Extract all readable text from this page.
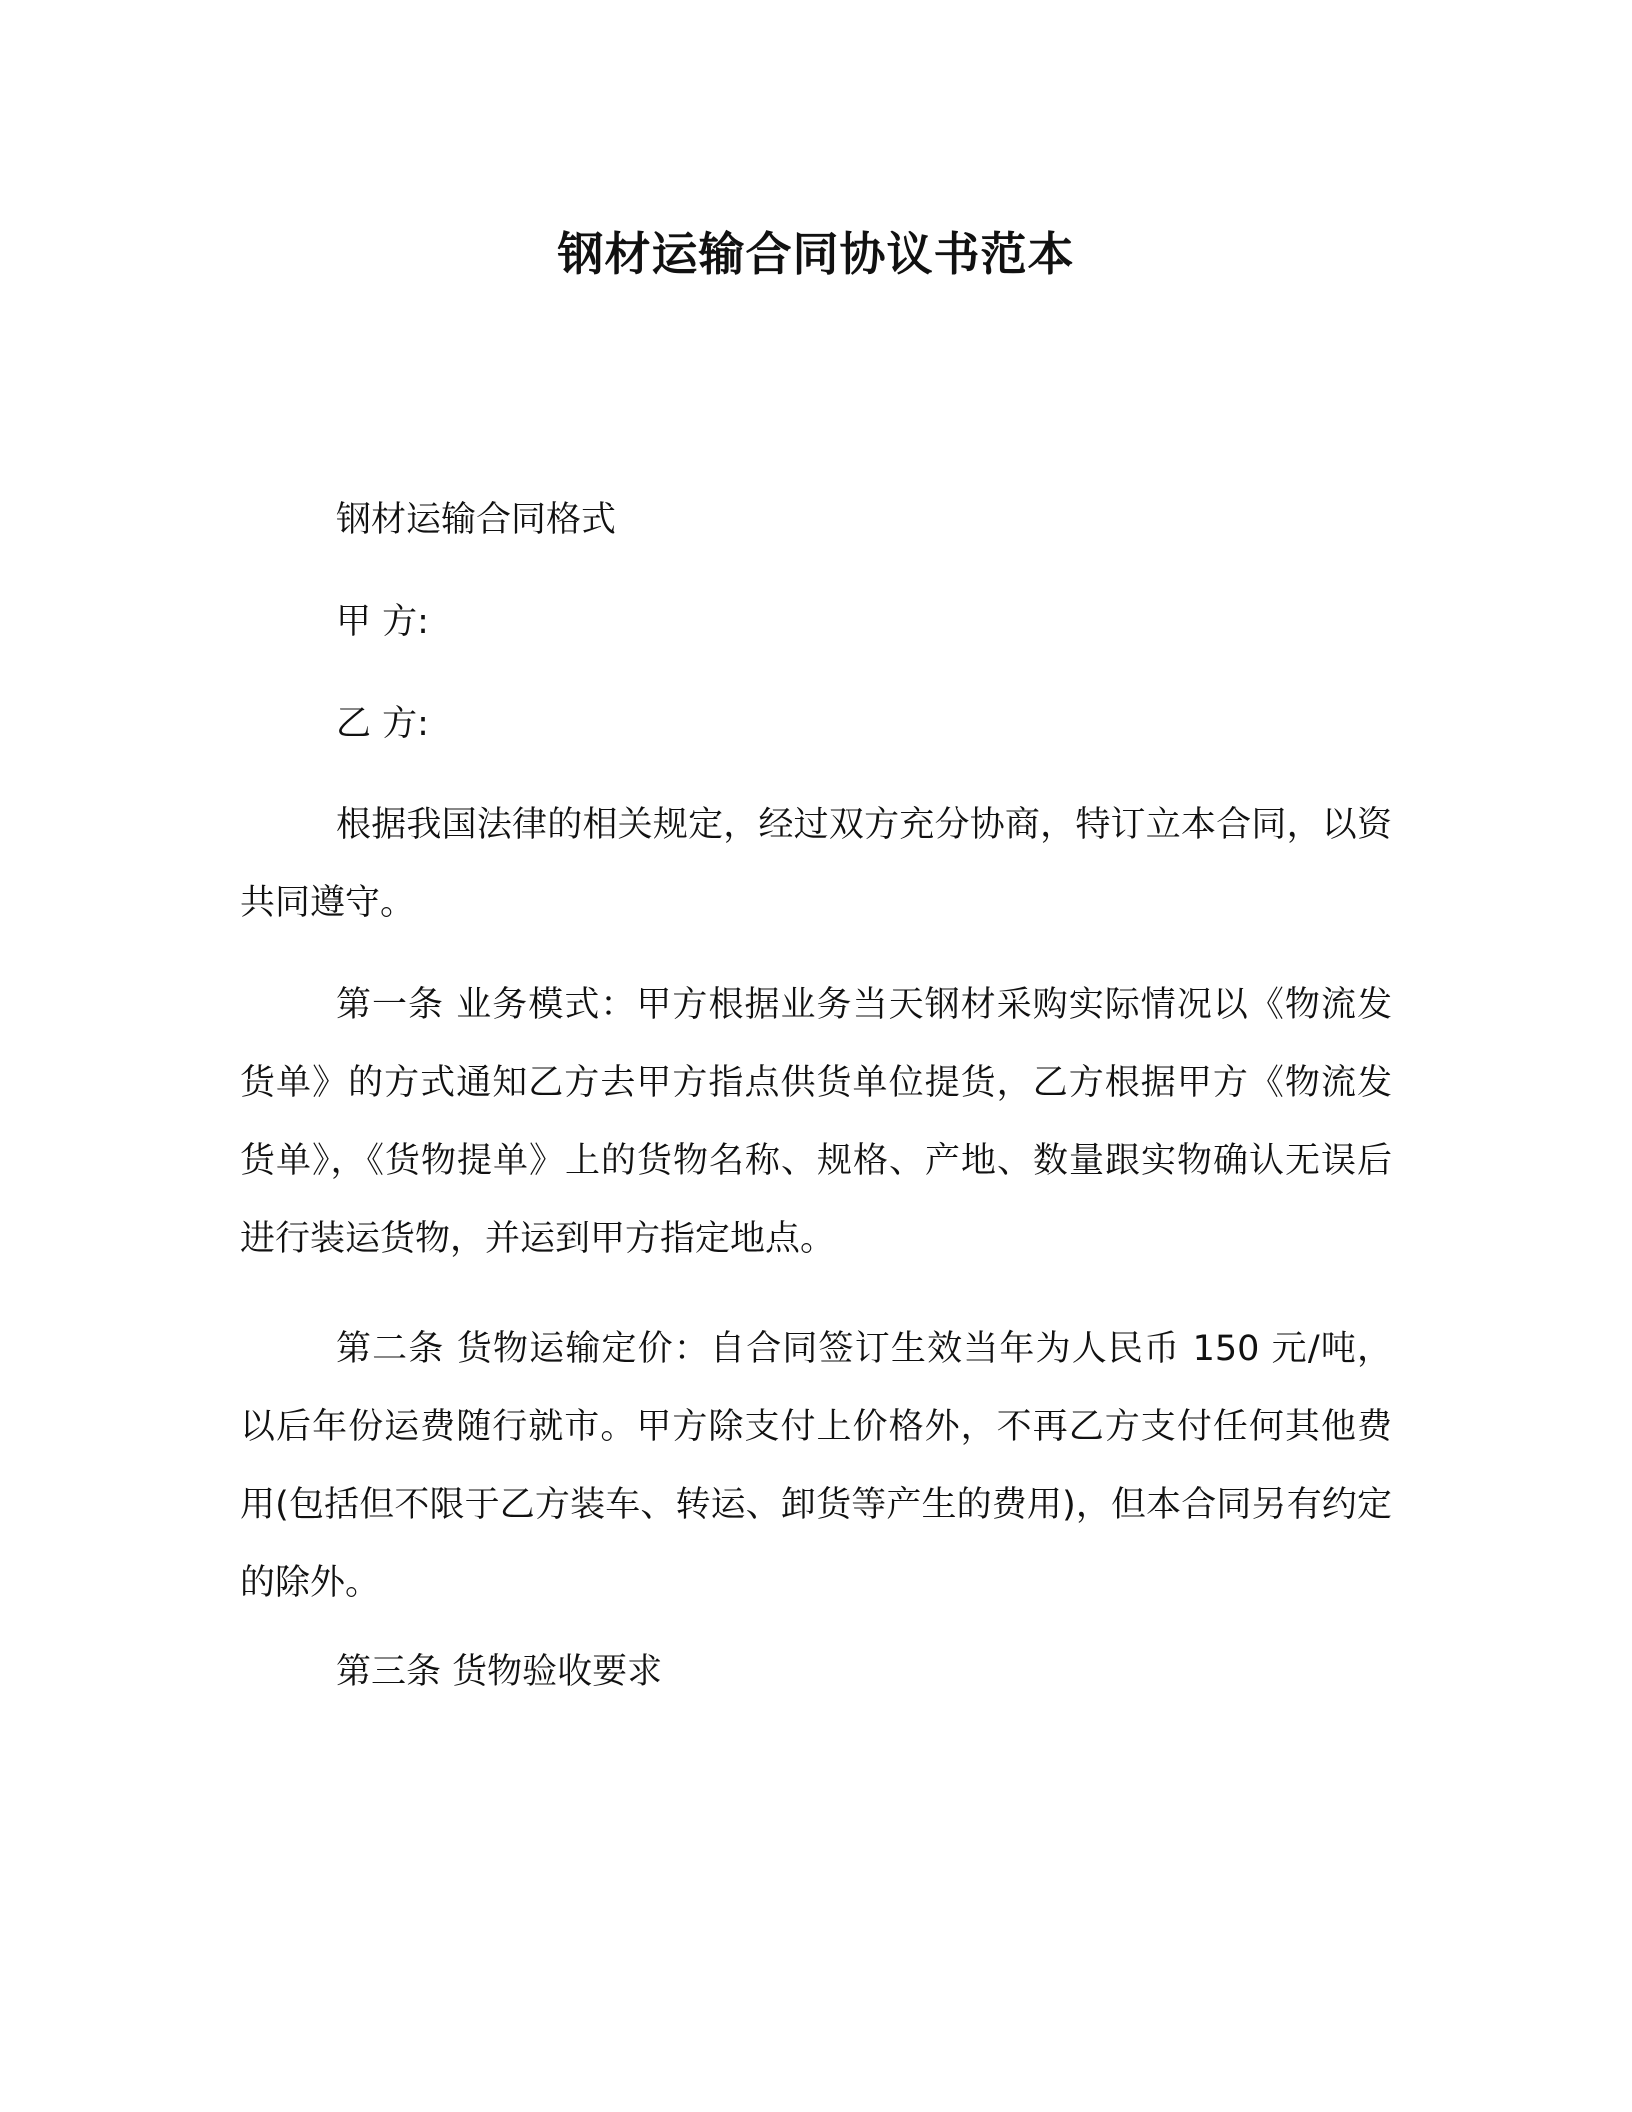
钢材运输合同协议书范本

钢材运输合同格式

甲 方:

乙 方:

根据我国法律的相关规定，经过双方充分协商，特订立本合同，以资共同遵守。

第一条 业务模式：甲方根据业务当天钢材采购实际情况以《物流发货单》的方式通知乙方去甲方指点供货单位提货，乙方根据甲方《物流发货单》，《货物提单》上的货物名称、规格、产地、数量跟实物确认无误后进行装运货物，并运到甲方指定地点。

第二条 货物运输定价：自合同签订生效当年为人民币 150 元/吨，以后年份运费随行就市。甲方除支付上价格外，不再乙方支付任何其他费用(包括但不限于乙方装车、转运、卸货等产生的费用)，但本合同另有约定的除外。

第三条 货物验收要求
